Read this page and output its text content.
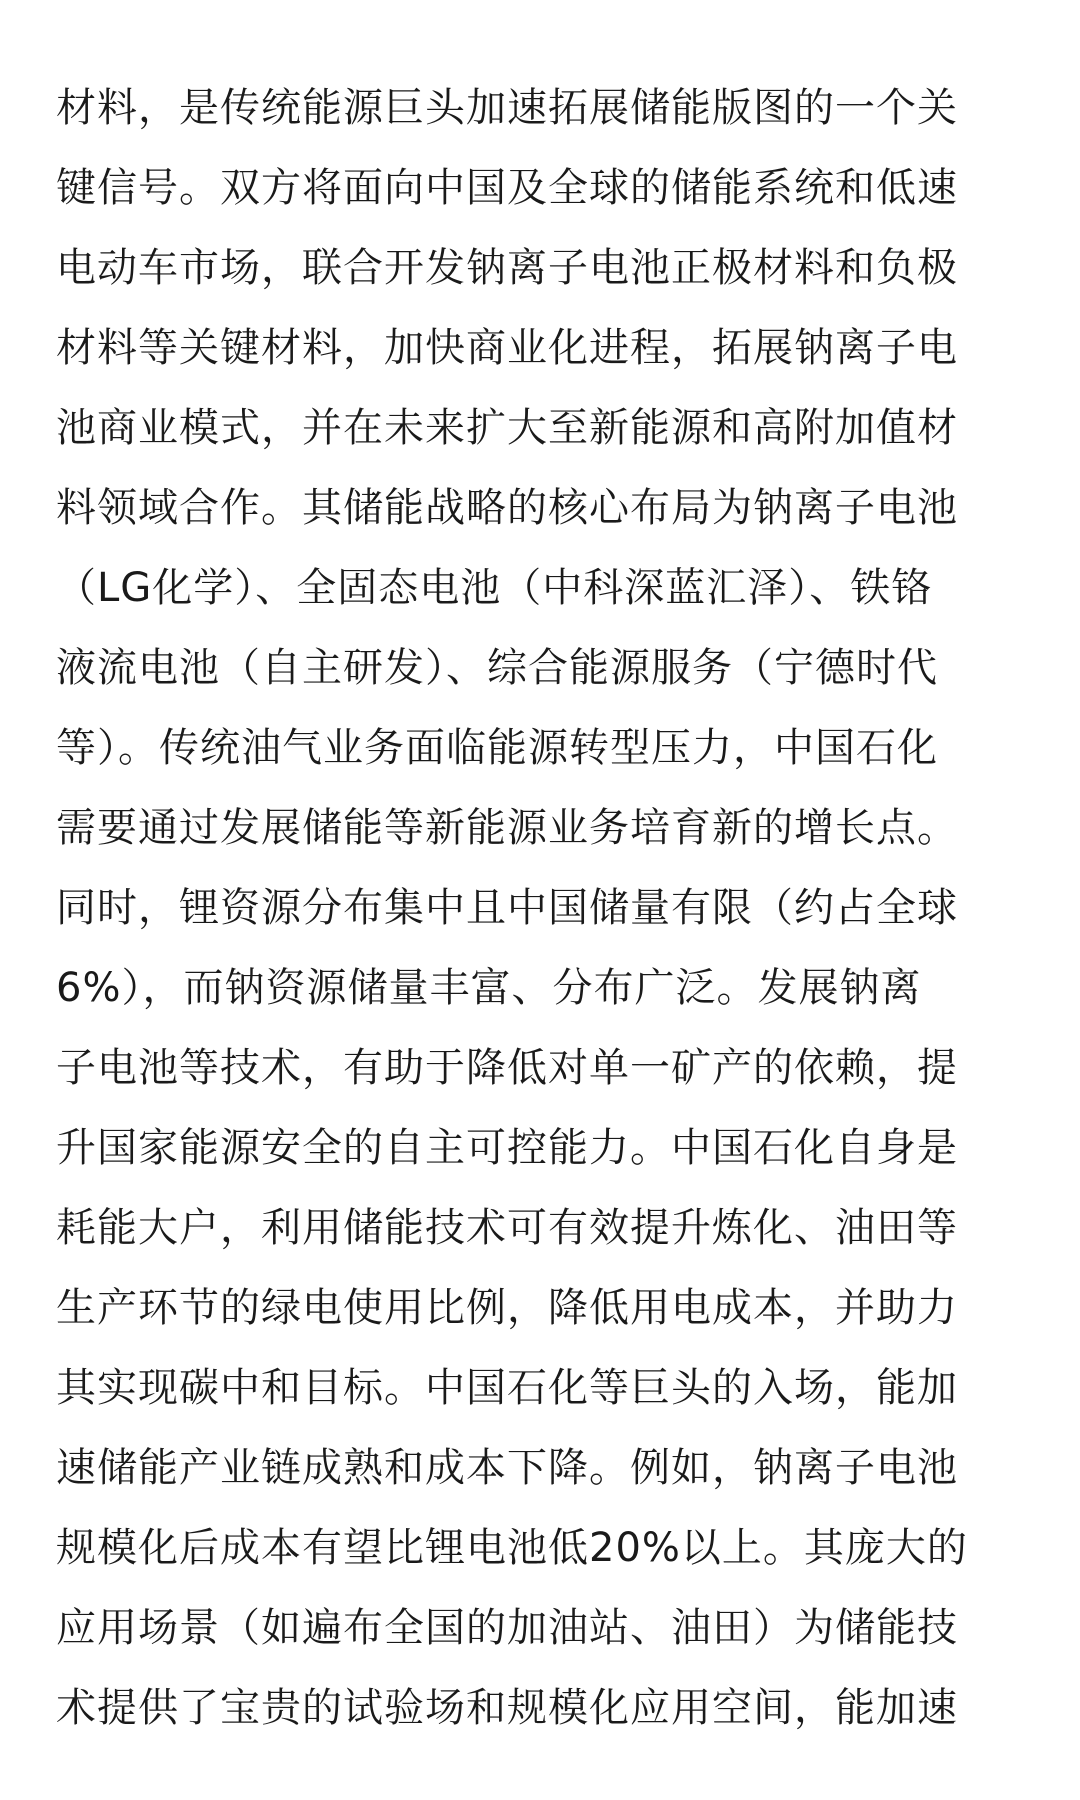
材料，是传统能源巨头加速拓展储能版图的一个关
键信号。双方将面向中国及全球的储能系统和低速
电动车市场，联合开发钠离子电池正极材料和负极
材料等关键材料，加快商业化进程，拓展钠离子电
池商业模式，并在未来扩大至新能源和高附加值材
料领域合作。其储能战略的核心布局为钠离子电池
（LG化学）、全固态电池（中科深蓝汇泽）、铁铬
液流电池（自主研发）、综合能源服务（宁德时代
等）。传统油气业务面临能源转型压力，中国石化
需要通过发展储能等新能源业务培育新的增长点。
同时，锂资源分布集中且中国储量有限（约占全球
6%），而钠资源储量丰富、分布广泛。发展钠离
子电池等技术，有助于降低对单一矿产的依赖，提
升国家能源安全的自主可控能力。中国石化自身是
耗能大户，利用储能技术可有效提升炼化、油田等
生产环节的绿电使用比例，降低用电成本，并助力
其实现碳中和目标。中国石化等巨头的入场，能加
速储能产业链成熟和成本下降。例如，钠离子电池
规模化后成本有望比锂电池低20%以上。其庞大的
应用场景（如遍布全国的加油站、油田）为储能技
术提供了宝贵的试验场和规模化应用空间，能加速
